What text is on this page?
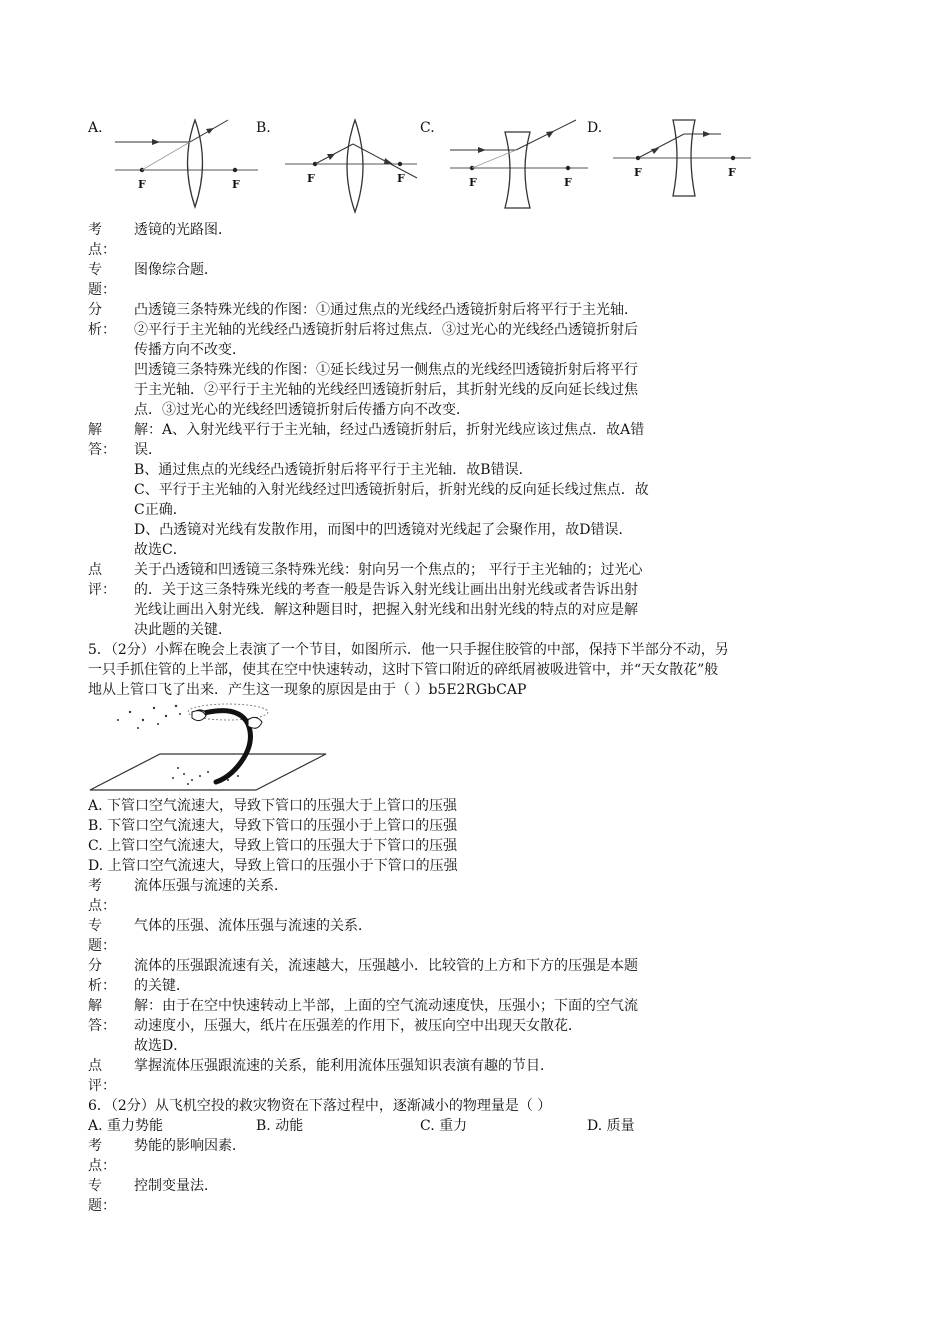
A.	B.	C.	D.
F	F	F	F	F	F
F	F
考
点：
透镜的光路图．
专
题：
图像综合题．
分
析：
凸透镜三条特殊光线的作图：①通过焦点的光线经凸透镜折射后将平行于主光轴．
②平行于主光轴的光线经凸透镜折射后将过焦点．③过光心的光线经凸透镜折射后
传播方向不改变．
凹透镜三条特殊光线的作图：①延长线过另一侧焦点的光线经凹透镜折射后将平行
于主光轴．②平行于主光轴的光线经凹透镜折射后，其折射光线的反向延长线过焦
点．③过光心的光线经凹透镜折射后传播方向不改变．
解
答：
解：A、入射光线平行于主光轴，经过凸透镜折射后，折射光线应该过焦点．故A错
误．
B、通过焦点的光线经凸透镜折射后将平行于主光轴．故B错误．
C、平行于主光轴的入射光线经过凹透镜折射后，折射光线的反向延长线过焦点．故
C正确．
D、凸透镜对光线有发散作用，而图中的凹透镜对光线起了会聚作用，故D错误．
故选C．
点
评：
关于凸透镜和凹透镜三条特殊光线：射向另一个焦点的； 平行于主光轴的；过光心
的．关于这三条特殊光线的考查一般是告诉入射光线让画出出射光线或者告诉出射
光线让画出入射光线．解这种题目时，把握入射光线和出射光线的特点的对应是解
决此题的关键．
5．（2分）小辉在晚会上表演了一个节目，如图所示．他一只手握住胶管的中部，保持下半部分不动，另
一只手抓住管的上半部，使其在空中快速转动，这时下管口附近的碎纸屑被吸进管中，并“天女散花”般
地从上管口飞了出来．产生这一现象的原因是由于（ ）b5E2RGbCAP
A. 下管口空气流速大，导致下管口的压强大于上管口的压强
B. 下管口空气流速大，导致下管口的压强小于上管口的压强
C. 上管口空气流速大，导致上管口的压强大于下管口的压强
D. 上管口空气流速大，导致上管口的压强小于下管口的压强
考
点：
流体压强与流速的关系．
专
题：
气体的压强、流体压强与流速的关系．
分
析：
流体的压强跟流速有关，流速越大，压强越小．比较管的上方和下方的压强是本题
的关键．
解
答：
解：由于在空中快速转动上半部，上面的空气流动速度快，压强小；下面的空气流
动速度小，压强大，纸片在压强差的作用下，被压向空中出现天女散花．
故选D．
点
评：
掌握流体压强跟流速的关系，能利用流体压强知识表演有趣的节目．
6．（2分）从飞机空投的救灾物资在下落过程中，逐渐减小的物理量是（ ）
A. 重力势能	B. 动能	C. 重力	D. 质量
考
点：
势能的影响因素．
专
题：
控制变量法．
